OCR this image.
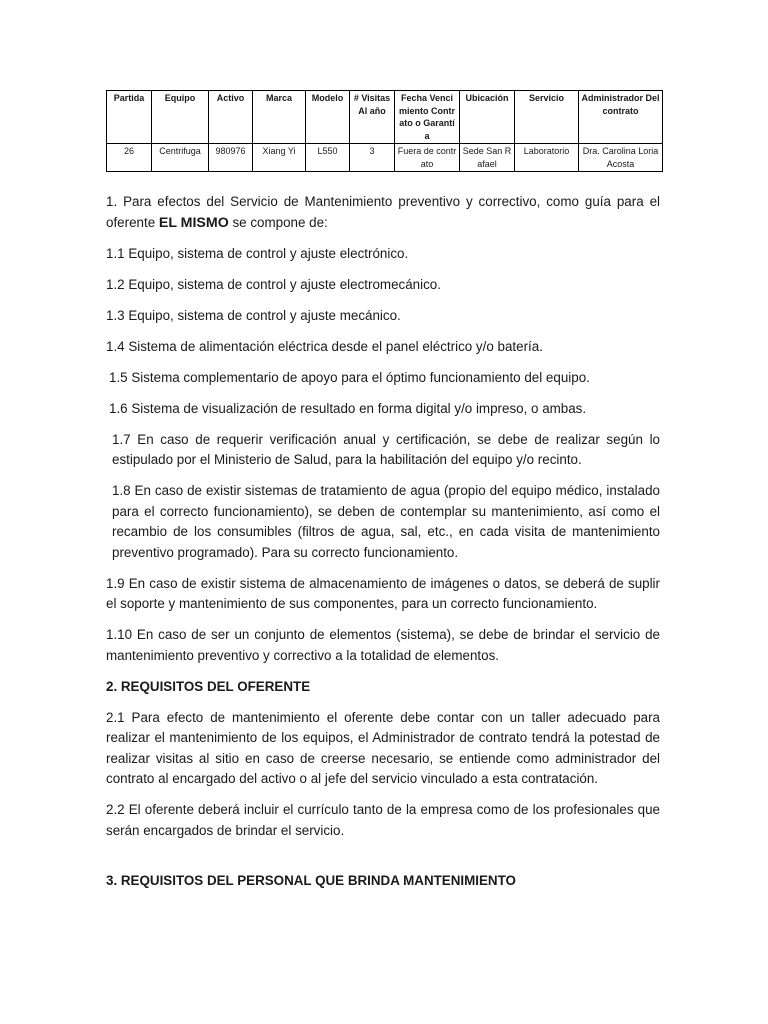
Partida	Equipo	Activo	Marca	Modelo	# Visitas Al año	Fecha Vencimiento Contrato o Garantía	Ubicación	Servicio	Administrador Del contrato
26	Centrifuga	980976	Xiang Yi	L550	3	Fuera de contrato	Sede San Rafael	Laboratorio	Dra. Carolina Loria Acosta

1. Para efectos del Servicio de Mantenimiento preventivo y correctivo, como guía para el oferente EL MISMO se compone de:

1.1 Equipo, sistema de control y ajuste electrónico.

1.2 Equipo, sistema de control y ajuste electromecánico.

1.3 Equipo, sistema de control y ajuste mecánico.

1.4 Sistema de alimentación eléctrica desde el panel eléctrico y/o batería.

1.5 Sistema complementario de apoyo para el óptimo funcionamiento del equipo.

1.6 Sistema de visualización de resultado en forma digital y/o impreso, o ambas.

1.7 En caso de requerir verificación anual y certificación, se debe de realizar según lo estipulado por el Ministerio de Salud, para la habilitación del equipo y/o recinto.

1.8 En caso de existir sistemas de tratamiento de agua (propio del equipo médico, instalado para el correcto funcionamiento), se deben de contemplar su mantenimiento, así como el recambio de los consumibles (filtros de agua, sal, etc., en cada visita de mantenimiento preventivo programado). Para su correcto funcionamiento.

1.9 En caso de existir sistema de almacenamiento de imágenes o datos, se deberá de suplir el soporte y mantenimiento de sus componentes, para un correcto funcionamiento.

1.10 En caso de ser un conjunto de elementos (sistema), se debe de brindar el servicio de mantenimiento preventivo y correctivo a la totalidad de elementos.

2. REQUISITOS DEL OFERENTE

2.1 Para efecto de mantenimiento el oferente debe contar con un taller adecuado para realizar el mantenimiento de los equipos, el Administrador de contrato tendrá la potestad de realizar visitas al sitio en caso de creerse necesario, se entiende como administrador del contrato al encargado del activo o al jefe del servicio vinculado a esta contratación.

2.2 El oferente deberá incluir el currículo tanto de la empresa como de los profesionales que serán encargados de brindar el servicio.

3. REQUISITOS DEL PERSONAL QUE BRINDA MANTENIMIENTO
